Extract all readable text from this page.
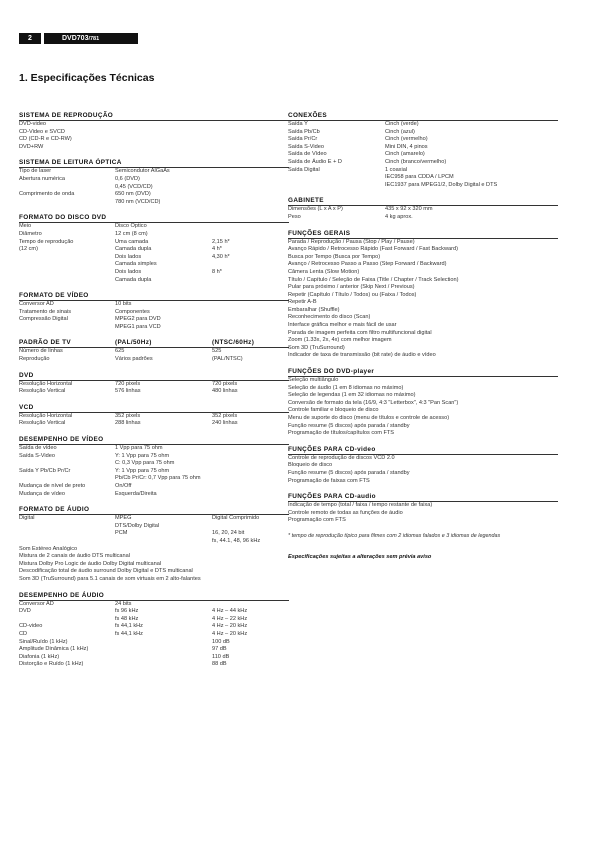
2	DVD703 /781
1. Especificações Técnicas
SISTEMA DE REPRODUÇÃO
DVD-video
CD-Video e SVCD
CD (CD-R e CD-RW)
DVD+RW
SISTEMA DE LEITURA ÓPTICA
Tipo de laser	Semicondutor AlGaAs
Abertura numérica	0,6 (DVD)
0,45 (VCD/CD)
Comprimento de onda	650 nm (DVD)
780 nm (VCD/CD)
FORMATO DO DISCO DVD
Meio	Disco Óptico
Diâmetro	12 cm (8 cm)
Tempo de reprodução	Uma camada	2,15 h*
(12 cm)	Camada dupla	4 h*
Dois lados	4,30 h*
Camada simples
Dois lados	8 h*
Camada dupla
FORMATO DE VÍDEO
Conversor AD	10 bits
Tratamento de sinais	Componentes
Compressão Digital	MPEG2 para DVD
MPEG1 para VCD
PADRÃO DE TV	(PAL/50Hz)	(NTSC/60Hz)
Número de linhas	625	525
Reprodução	Vários padrões	(PAL/NTSC)
DVD
Resolução Horizontal	720 pixels	720 pixels
Resolução Vertical	576 linhas	480 linhas
VCD
Resolução Horizontal	352 pixels	352 pixels
Resolução Vertical	288 linhas	240 linhas
DESEMPENHO DE VÍDEO
Saída de vídeo	1 Vpp para 75 ohm
Saída S-Video	Y: 1 Vpp para 75 ohm
C: 0,3 Vpp para 75 ohm
Saída Y Pb/Cb Pr/Cr	Y: 1 Vpp para 75 ohm
Pb/Cb Pr/Cr: 0,7 Vpp para 75 ohm
Mudança de nível de preto	On/Off
Mudança de vídeo	Esquerda/Direita
FORMATO DE ÁUDIO
Digital	MPEG	Digital Comprimido
DTS/Dolby Digital
PCM	16, 20, 24 bit
fs, 44.1, 48, 96 kHz
Som Estéreo Analógico
Mistura de 2 canais de áudio DTS multicanal
Mistura Dolby Pro Logic de áudio Dolby Digital multicanal
Descodificação total de áudio surround Dolby Digital e DTS multicanal
Som 3D (TruSurround) para 5.1 canais de som virtuais em 2 alto-falantes
DESEMPENHO DE ÁUDIO
Conversor AD	24 bits
DVD	fs 96 kHz	4 Hz – 44 kHz
fs 48 kHz	4 Hz – 22 kHz
CD-video	fs 44,1 kHz	4 Hz – 20 kHz
CD	fs 44,1 kHz	4 Hz – 20 kHz
Sinal/Ruído (1 kHz)	100 dB
Amplitude Dinâmica (1 kHz)	97 dB
Diafonia (1 kHz)	110 dB
Distorção e Ruído (1 kHz)	88 dB
CONEXÕES
Saída Y	Cinch (verde)
Saída Pb/Cb	Cinch (azul)
Saída Pr/Cr	Cinch (vermelho)
Saída S-Video	Mini DIN, 4 pinos
Saída de Vídeo	Cinch (amarelo)
Saída de Áudio E + D	Cinch (branco/vermelho)
Saída Digital	1 coaxial
IEC958 para CDDA / LPCM
IEC1937 para MPEG1/2, Dolby Digital e DTS
GABINETE
Dimensões (L x A x P)	435 x 92 x 320 mm
Peso	4 kg aprox.
FUNÇÕES GERAIS
Parada / Reprodução / Pausa (Stop / Play / Pause)
Avanço Rápido / Retrocesso Rápido (Fast Forward / Fast Backward)
Busca por Tempo (Busca por Tempo)
Avanço / Retrocesso Passo a Passo (Step Forward / Backward)
Câmera Lenta (Slow Motion)
Título / Capítulo / Seleção de Faixa (Title / Chapter / Track Selection)
Pular para próximo / anterior (Skip Next / Previous)
Repetir (Capítulo / Título / Todos) ou (Faixa / Todos)
Repetir A-B
Embaralhar (Shuffle)
Reconhecimento do disco (Scan)
Interface gráfica melhor e mais fácil de usar
Parada de imagem perfeita com filtro multifuncional digital
Zoom (1.33x, 2x, 4x) com melhor imagem
Som 3D (TruSurround)
Indicador de taxa de transmissão (bit rate) de áudio e vídeo
FUNÇÕES DO DVD-player
Seleção multiângulo
Seleção de áudio (1 em 8 idiomas no máximo)
Seleção de legendas (1 em 32 idiomas no máximo)
Conversão de formato da tela (16/9, 4:3 "Letterbox", 4:3 "Pan Scan")
Controle familiar e bloqueio de disco
Menu de suporte do disco (menu de títulos e controle de acesso)
Função resume (5 discos) após parada / standby
Programação de títulos/capítulos com FTS
FUNÇÕES PARA CD-video
Controle de reprodução de discos VCD 2.0
Bloqueio de disco
Função resume (5 discos) após parada / standby
Programação de faixas com FTS
FUNÇÕES PARA CD-audio
Indicação de tempo (total / faixa / tempo restante de faixa)
Controle remoto de todas as funções de áudio
Programação com FTS
* tempo de reprodução típico para filmes com 2 idiomas falados e 3 idiomas de legendas
Especificações sujeitas a alterações sem prévia aviso
